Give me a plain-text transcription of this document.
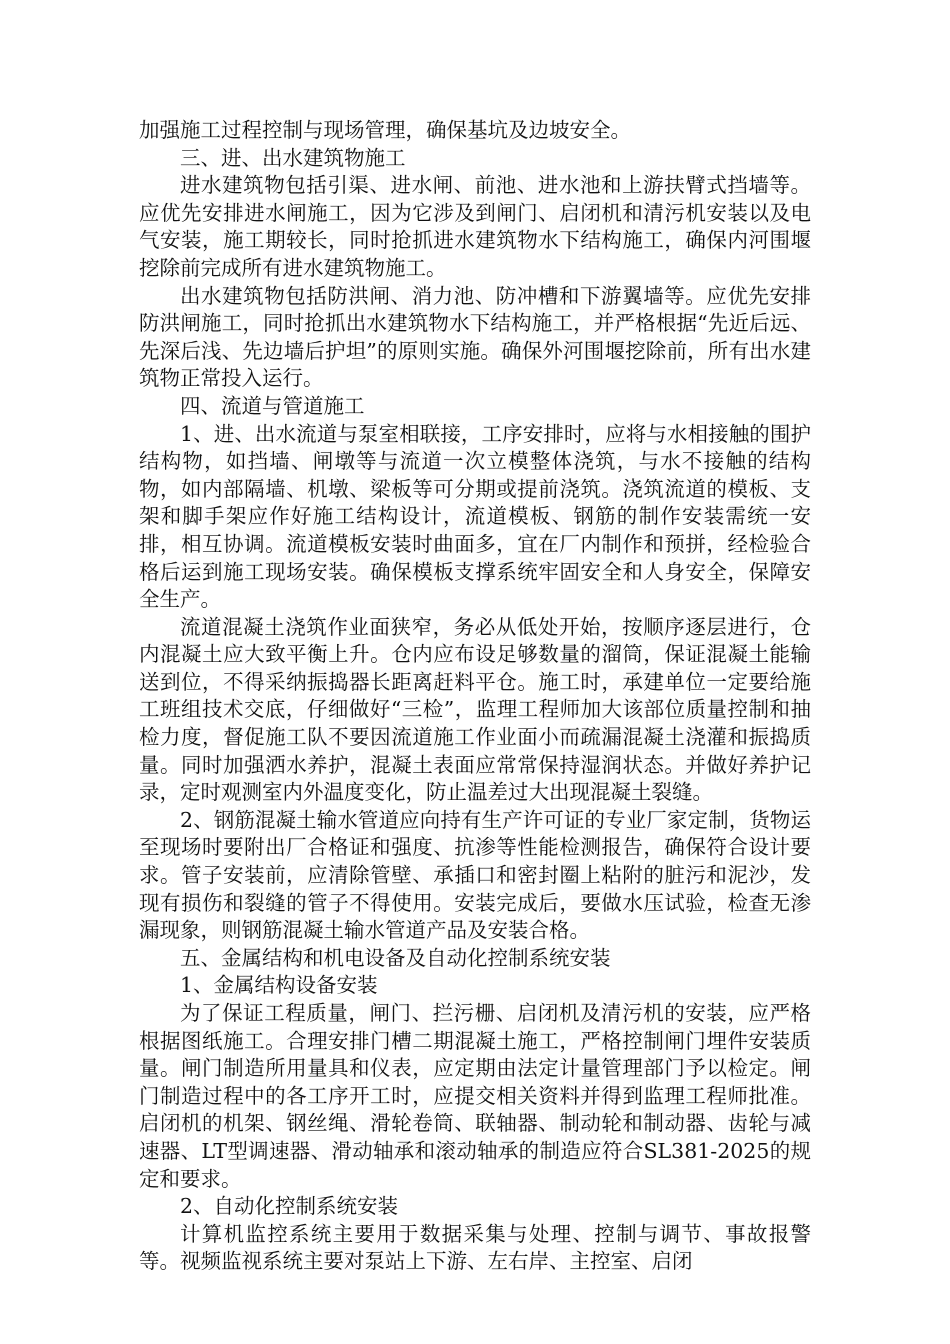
加强施工过程控制与现场管理，确保基坑及边坡安全。

三、进、出水建筑物施工

进水建筑物包括引渠、进水闸、前池、进水池和上游扶臂式挡墙等。应优先安排进水闸施工，因为它涉及到闸门、启闭机和清污机安装以及电气安装，施工期较长，同时抢抓进水建筑物水下结构施工，确保内河围堰挖除前完成所有进水建筑物施工。

出水建筑物包括防洪闸、消力池、防冲槽和下游翼墙等。应优先安排防洪闸施工，同时抢抓出水建筑物水下结构施工，并严格根据“先近后远、先深后浅、先边墙后护坦”的原则实施。确保外河围堰挖除前，所有出水建筑物正常投入运行。

四、流道与管道施工

1、进、出水流道与泵室相联接，工序安排时，应将与水相接触的围护结构物，如挡墙、闸墩等与流道一次立模整体浇筑，与水不接触的结构物，如内部隔墙、机墩、梁板等可分期或提前浇筑。浇筑流道的模板、支架和脚手架应作好施工结构设计，流道模板、钢筋的制作安装需统一安排，相互协调。流道模板安装时曲面多，宜在厂内制作和预拼，经检验合格后运到施工现场安装。确保模板支撑系统牢固安全和人身安全，保障安全生产。

流道混凝土浇筑作业面狭窄，务必从低处开始，按顺序逐层进行，仓内混凝土应大致平衡上升。仓内应布设足够数量的溜筒，保证混凝土能输送到位，不得采纳振捣器长距离赶料平仓。施工时，承建单位一定要给施工班组技术交底，仔细做好“三检”，监理工程师加大该部位质量控制和抽检力度，督促施工队不要因流道施工作业面小而疏漏混凝土浇灌和振捣质量。同时加强洒水养护，混凝土表面应常常保持湿润状态。并做好养护记录，定时观测室内外温度变化，防止温差过大出现混凝土裂缝。

2、钢筋混凝土输水管道应向持有生产许可证的专业厂家定制，货物运至现场时要附出厂合格证和强度、抗渗等性能检测报告，确保符合设计要求。管子安装前，应清除管壁、承插口和密封圈上粘附的脏污和泥沙，发现有损伤和裂缝的管子不得使用。安装完成后，要做水压试验，检查无渗漏现象，则钢筋混凝土输水管道产品及安装合格。

五、金属结构和机电设备及自动化控制系统安装

1、金属结构设备安装

为了保证工程质量，闸门、拦污栅、启闭机及清污机的安装，应严格根据图纸施工。合理安排门槽二期混凝土施工，严格控制闸门埋件安装质量。闸门制造所用量具和仪表，应定期由法定计量管理部门予以检定。闸门制造过程中的各工序开工时，应提交相关资料并得到监理工程师批准。启闭机的机架、钢丝绳、滑轮卷筒、联轴器、制动轮和制动器、齿轮与减速器、LT型调速器、滑动轴承和滚动轴承的制造应符合SL381-2025的规定和要求。

2、自动化控制系统安装

计算机监控系统主要用于数据采集与处理、控制与调节、事故报警等。视频监视系统主要对泵站上下游、左右岸、主控室、启闭
